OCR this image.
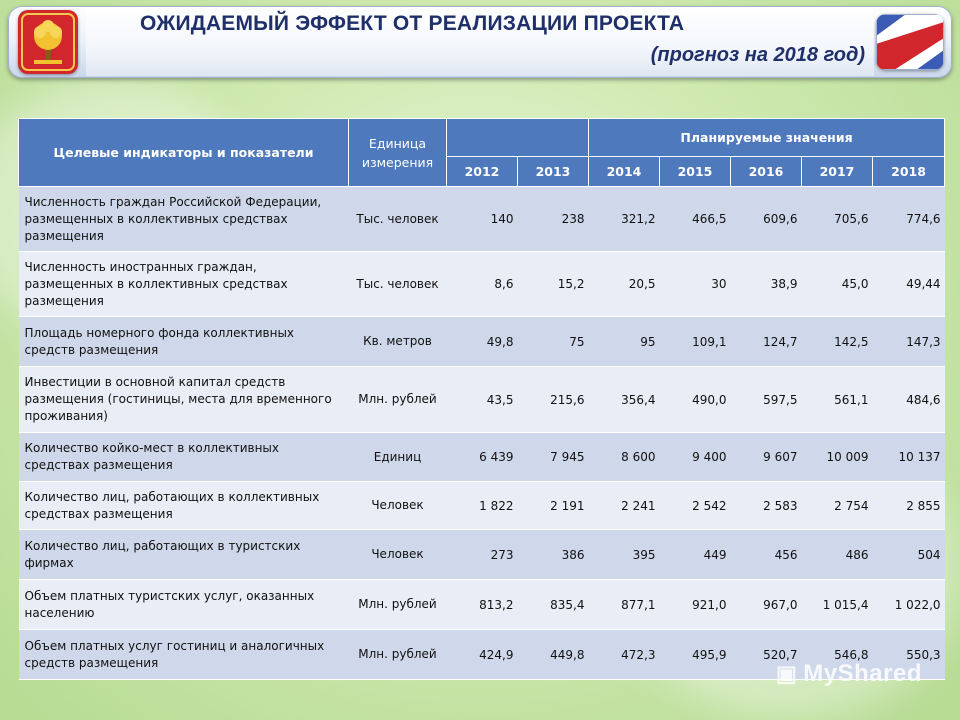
ОЖИДАЕМЫЙ ЭФФЕКТ ОТ РЕАЛИЗАЦИИ ПРОЕКТА
(прогноз на 2018 год)
Целевые индикаторы и показатели	Единица измерения			Планируемые значения				
		2012	2013	2014	2015	2016	2017	2018
Численность граждан Российской Федерации, размещенных в коллективных средствах размещения	Тыс. человек	140	238	321,2	466,5	609,6	705,6	774,6
Численность иностранных граждан, размещенных в коллективных средствах размещения	Тыс. человек	8,6	15,2	20,5	30	38,9	45,0	49,44
Площадь номерного фонда коллективных средств размещения	Кв. метров	49,8	75	95	109,1	124,7	142,5	147,3
Инвестиции в основной капитал средств размещения (гостиницы, места для временного проживания)	Млн. рублей	43,5	215,6	356,4	490,0	597,5	561,1	484,6
Количество койко-мест в коллективных средствах размещения	Единиц	6 439	7 945	8 600	9 400	9 607	10 009	10 137
Количество лиц, работающих в коллективных средствах размещения	Человек	1 822	2 191	2 241	2 542	2 583	2 754	2 855
Количество лиц, работающих в туристских фирмах	Человек	273	386	395	449	456	486	504
Объем платных туристских услуг, оказанных населению	Млн. рублей	813,2	835,4	877,1	921,0	967,0	1 015,4	1 022,0
Объем платных услуг гостиниц и аналогичных средств размещения	Млн. рублей	424,9	449,8	472,3	495,9	520,7	546,8	550,3
▣ MyShared
